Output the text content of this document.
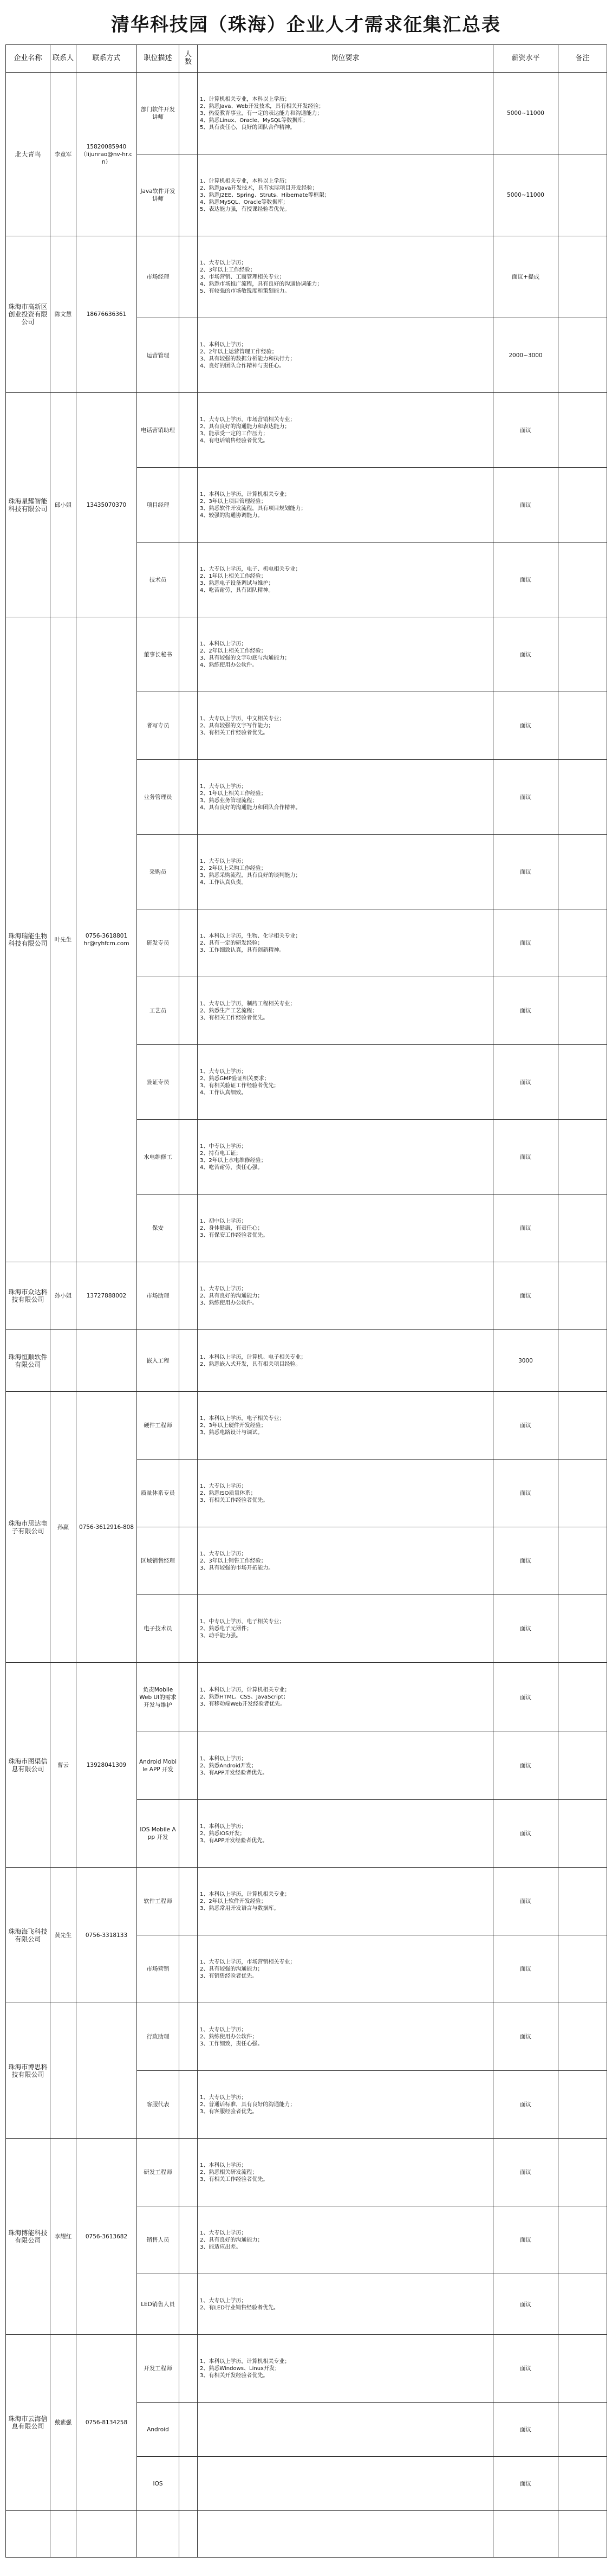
清华科技园（珠海）企业人才需求征集汇总表
企业名称	联系人	联系方式	职位描述	人数	岗位要求	薪资水平	备注
北大青鸟	李童军	15820085940
（lijunrao@nv-hr.cn）	部门软件开发讲师		1、计算机相关专业，本科以上学历；
2、熟悉Java、Web开发技术，具有相关开发经验；
3、热爱教育事业，有一定的表达能力和沟通能力；
4、熟悉Linux、Oracle、MySQL等数据库；
5、具有责任心，良好的团队合作精神。	5000~11000	
			Java软件开发讲师		1、计算机相关专业，本科以上学历；
2、熟悉Java开发技术，具有实际项目开发经验；
3、熟悉J2EE、Spring、Struts、Hibernate等框架；
4、熟悉MySQL、Oracle等数据库；
5、表达能力强，有授课经验者优先。	5000~11000	
珠海市高新区创业投资有限公司	陈文慧	18676636361	市场经理		1、大专以上学历；
2、3年以上工作经验；
3、市场营销、工商管理相关专业；
4、熟悉市场推广流程，具有良好的沟通协调能力；
5、有较强的市场敏锐度和策划能力。	面议+提成	
			运营管理		1、本科以上学历；
2、2年以上运营管理工作经验；
3、具有较强的数据分析能力和执行力；
4、良好的团队合作精神与责任心。	2000~3000	
珠海星耀智能科技有限公司	邱小姐	13435070370	电话营销助理		1、大专以上学历，市场营销相关专业；
2、具有良好的沟通能力和表达能力；
3、能承受一定的工作压力；
4、有电话销售经验者优先。	面议	
			项目经理		1、本科以上学历，计算机相关专业；
2、3年以上项目管理经验；
3、熟悉软件开发流程，具有项目规划能力；
4、较强的沟通协调能力。	面议	
			技术员		1、大专以上学历，电子、机电相关专业；
2、1年以上相关工作经验；
3、熟悉电子设备调试与维护；
4、吃苦耐劳，具有团队精神。	面议	
珠海瑞能生物科技有限公司	叶先生	0756-3618801
hr@ryhfcm.com	董事长秘书		1、本科以上学历；
2、2年以上相关工作经验；
3、具有较强的文字功底与沟通能力；
4、熟练使用办公软件。	面议	
			者写专员		1、大专以上学历，中文相关专业；
2、具有较强的文字写作能力；
3、有相关工作经验者优先。	面议	
			业务管理员		1、大专以上学历；
2、1年以上相关工作经验；
3、熟悉业务管理流程；
4、具有良好的沟通能力和团队合作精神。	面议	
			采购员		1、大专以上学历；
2、2年以上采购工作经验；
3、熟悉采购流程，具有良好的谈判能力；
4、工作认真负责。	面议	
			研发专员		1、本科以上学历，生物、化学相关专业；
2、具有一定的研发经验；
3、工作细致认真，具有创新精神。	面议	
			工艺员		1、大专以上学历，制药工程相关专业；
2、熟悉生产工艺流程；
3、有相关工作经验者优先。	面议	
			验证专员		1、大专以上学历；
2、熟悉GMP验证相关要求；
3、有相关验证工作经验者优先；
4、工作认真细致。	面议	
			水电维修工		1、中专以上学历；
2、持有电工证；
3、2年以上水电维修经验；
4、吃苦耐劳，责任心强。	面议	
			保安		1、初中以上学历；
2、身体健康，有责任心；
3、有保安工作经验者优先。	面议	
珠海市众达科技有限公司	孙小姐	13727888002	市场助理		1、大专以上学历；
2、具有良好的沟通能力；
3、熟练使用办公软件。	面议	
珠海恒顺软件有限公司			嵌入工程		1、本科以上学历，计算机、电子相关专业；
2、熟悉嵌入式开发，具有相关项目经验。	3000	
珠海市思达电子有限公司	孙赢	0756-3612916-808	硬件工程师		1、本科以上学历，电子相关专业；
2、3年以上硬件开发经验；
3、熟悉电路设计与调试。	面议	
			质量体系专员		1、大专以上学历；
2、熟悉ISO质量体系；
3、有相关工作经验者优先。	面议	
			区域销售经理		1、大专以上学历；
2、3年以上销售工作经验；
3、具有较强的市场开拓能力。	面议	
			电子技术员		1、中专以上学历，电子相关专业；
2、熟悉电子元器件；
3、动手能力强。	面议	
珠海市图渠信息有限公司	曹云	13928041309	负责Mobile Web UI的需求开发与维护		1、本科以上学历，计算机相关专业；
2、熟悉HTML、CSS、JavaScript；
3、有移动端Web开发经验者优先。	面议	
			Android Mobile APP 开发		1、本科以上学历；
2、熟悉Android开发；
3、有APP开发经验者优先。	面议	
			IOS Mobile App 开发		1、本科以上学历；
2、熟悉IOS开发；
3、有APP开发经验者优先。	面议	
珠海海飞科技有限公司	黄先生	0756-3318133	软件工程师		1、本科以上学历，计算机相关专业；
2、2年以上软件开发经验；
3、熟悉常用开发语言与数据库。	面议	
			市场营销		1、大专以上学历，市场营销相关专业；
2、具有较强的沟通能力；
3、有销售经验者优先。	面议	
珠海市博思科技有限公司			行政助理		1、大专以上学历；
2、熟练使用办公软件；
3、工作细致，责任心强。	面议	
			客服代表		1、大专以上学历；
2、普通话标准，具有良好的沟通能力；
3、有客服经验者优先。	面议	
珠海博能科技有限公司	李耀红	0756-3613682	研发工程师		1、本科以上学历；
2、熟悉相关研发流程；
3、有相关工作经验者优先。	面议	
			销售人员		1、大专以上学历；
2、具有良好的沟通能力；
3、能适应出差。	面议	
			LED销售人员		1、大专以上学历；
2、有LED行业销售经验者优先。	面议	
珠海市云海信息有限公司	戴紫强	0756-8134258	开发工程师		1、本科以上学历，计算机相关专业；
2、熟悉Windows、Linux开发；
3、有相关开发经验者优先。	面议	
			Android			面议	
			IOS			面议	
